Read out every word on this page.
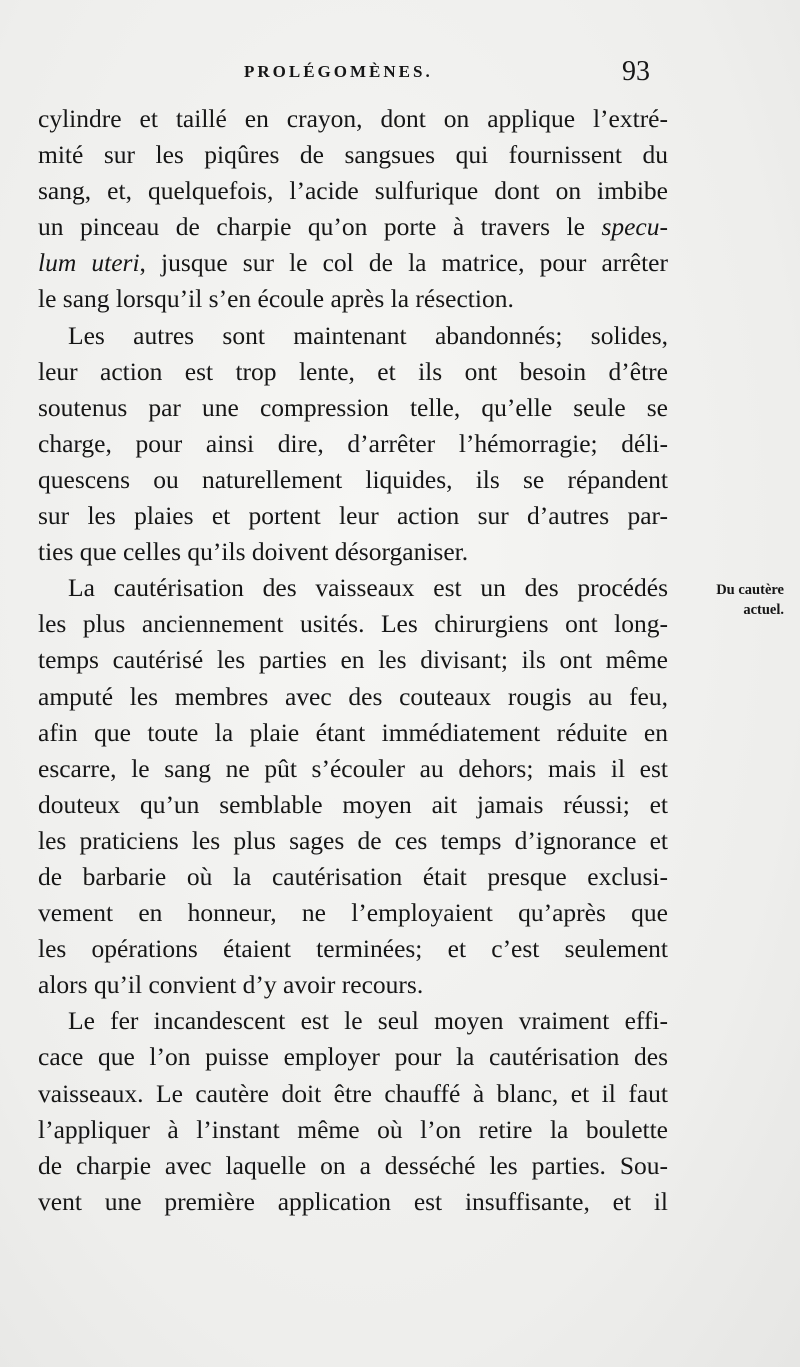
PROLÉGOMÈNES.	93
cylindre et taillé en crayon, dont on applique l’extré-
mité sur les piqûres de sangsues qui fournissent du
sang, et, quelquefois, l’acide sulfurique dont on imbibe
un pinceau de charpie qu’on porte à travers le specu-
lum uteri, jusque sur le col de la matrice, pour arrêter
le sang lorsqu’il s’en écoule après la résection.
Les autres sont maintenant abandonnés; solides,
leur action est trop lente, et ils ont besoin d’être
soutenus par une compression telle, qu’elle seule se
charge, pour ainsi dire, d’arrêter l’hémorragie; déli-
quescens ou naturellement liquides, ils se répandent
sur les plaies et portent leur action sur d’autres par-
ties que celles qu’ils doivent désorganiser.
La cautérisation des vaisseaux est un des procédés
les plus anciennement usités. Les chirurgiens ont long-
temps cautérisé les parties en les divisant; ils ont même
amputé les membres avec des couteaux rougis au feu,
afin que toute la plaie étant immédiatement réduite en
escarre, le sang ne pût s’écouler au dehors; mais il est
douteux qu’un semblable moyen ait jamais réussi; et
les praticiens les plus sages de ces temps d’ignorance et
de barbarie où la cautérisation était presque exclusi-
vement en honneur, ne l’employaient qu’après que
les opérations étaient terminées; et c’est seulement
alors qu’il convient d’y avoir recours.
Le fer incandescent est le seul moyen vraiment effi-
cace que l’on puisse employer pour la cautérisation des
vaisseaux. Le cautère doit être chauffé à blanc, et il faut
l’appliquer à l’instant même où l’on retire la boulette
de charpie avec laquelle on a desséché les parties. Sou-
vent une première application est insuffisante, et il
Du cautère
actuel.
